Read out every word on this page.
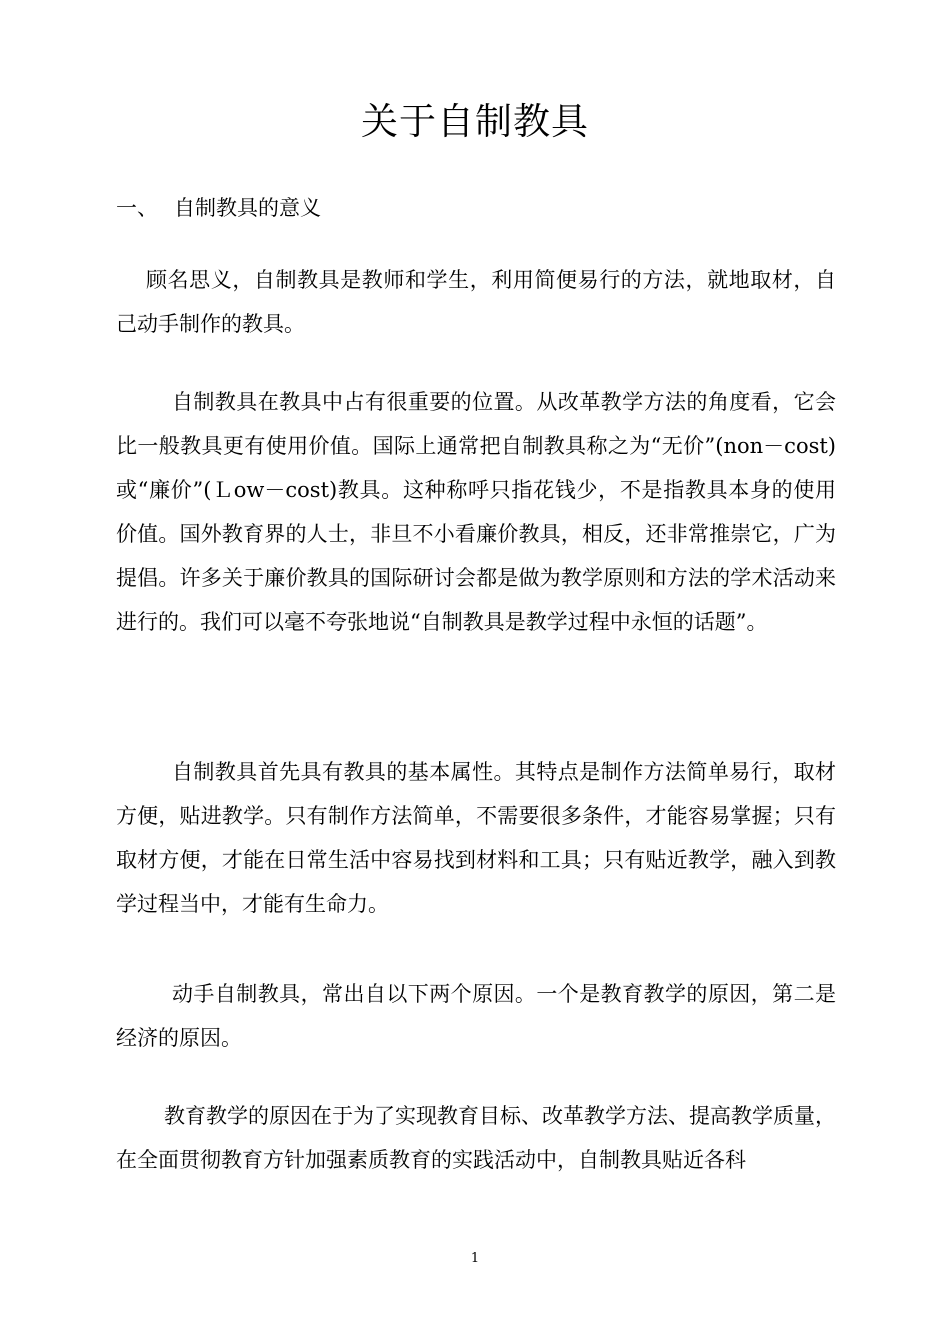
关于自制教具
一、 自制教具的意义

顾名思义，自制教具是教师和学生，利用简便易行的方法，就地取材，自己动手制作的教具。

自制教具在教具中占有很重要的位置。从改革教学方法的角度看，它会比一般教具更有使用价值。国际上通常把自制教具称之为“无价”(non－cost)或“廉价”(Ｌow－cost)教具。这种称呼只指花钱少，不是指教具本身的使用价值。国外教育界的人士，非旦不小看廉价教具，相反，还非常推崇它，广为提倡。许多关于廉价教具的国际研讨会都是做为教学原则和方法的学术活动来进行的。我们可以毫不夸张地说“自制教具是教学过程中永恒的话题”。

自制教具首先具有教具的基本属性。其特点是制作方法简单易行，取材方便，贴进教学。只有制作方法简单，不需要很多条件，才能容易掌握；只有取材方便，才能在日常生活中容易找到材料和工具；只有贴近教学，融入到教学过程当中，才能有生命力。

动手自制教具，常出自以下两个原因。一个是教育教学的原因，第二是经济的原因。

教育教学的原因在于为了实现教育目标、改革教学方法、提高教学质量，在全面贯彻教育方针加强素质教育的实践活动中，自制教具贴近各科

1
